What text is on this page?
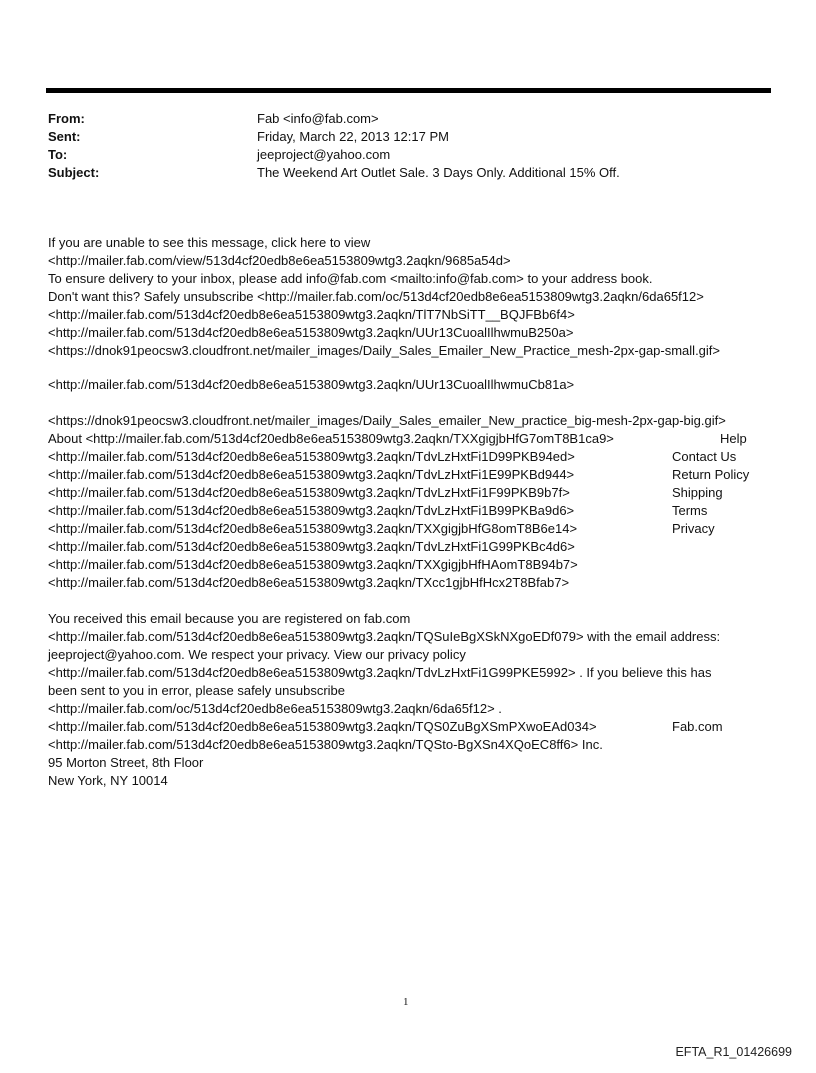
From:	Fab <info@fab.com>
Sent:	Friday, March 22, 2013 12:17 PM
To:	jeeproject@yahoo.com
Subject:	The Weekend Art Outlet Sale. 3 Days Only. Additional 15% Off.
If you are unable to see this message, click here to view
<http://mailer.fab.com/view/513d4cf20edb8e6ea5153809wtg3.2aqkn/9685a54d>
To ensure delivery to your inbox, please add info@fab.com <mailto:info@fab.com> to your address book.
Don't want this? Safely unsubscribe <http://mailer.fab.com/oc/513d4cf20edb8e6ea5153809wtg3.2aqkn/6da65f12>
<http://mailer.fab.com/513d4cf20edb8e6ea5153809wtg3.2aqkn/TlT7NbSiTT__BQJFBb6f4>
<http://mailer.fab.com/513d4cf20edb8e6ea5153809wtg3.2aqkn/UUr13CuoalIlhwmuB250a>
<https://dnok91peocsw3.cloudfront.net/mailer_images/Daily_Sales_Emailer_New_Practice_mesh-2px-gap-small.gif>
<http://mailer.fab.com/513d4cf20edb8e6ea5153809wtg3.2aqkn/UUr13CuoalIlhwmuCb81a>
<https://dnok91peocsw3.cloudfront.net/mailer_images/Daily_Sales_emailer_New_practice_big-mesh-2px-gap-big.gif>
About <http://mailer.fab.com/513d4cf20edb8e6ea5153809wtg3.2aqkn/TXXgigjbHfG7omT8B1ca9>	Help
<http://mailer.fab.com/513d4cf20edb8e6ea5153809wtg3.2aqkn/TdvLzHxtFi1D99PKB94ed>	Contact Us
<http://mailer.fab.com/513d4cf20edb8e6ea5153809wtg3.2aqkn/TdvLzHxtFi1E99PKBd944>	Return Policy
<http://mailer.fab.com/513d4cf20edb8e6ea5153809wtg3.2aqkn/TdvLzHxtFi1F99PKB9b7f>	Shipping
<http://mailer.fab.com/513d4cf20edb8e6ea5153809wtg3.2aqkn/TdvLzHxtFi1B99PKBa9d6>	Terms
<http://mailer.fab.com/513d4cf20edb8e6ea5153809wtg3.2aqkn/TXXgigjbHfG8omT8B6e14>	Privacy
<http://mailer.fab.com/513d4cf20edb8e6ea5153809wtg3.2aqkn/TdvLzHxtFi1G99PKBc4d6>
<http://mailer.fab.com/513d4cf20edb8e6ea5153809wtg3.2aqkn/TXXgigjbHfHAomT8B94b7>
<http://mailer.fab.com/513d4cf20edb8e6ea5153809wtg3.2aqkn/TXcc1gjbHfHcx2T8Bfab7>
You received this email because you are registered on fab.com
<http://mailer.fab.com/513d4cf20edb8e6ea5153809wtg3.2aqkn/TQSuIeBgXSkNXgoEDf079> with the email address:
jeeproject@yahoo.com. We respect your privacy. View our privacy policy
<http://mailer.fab.com/513d4cf20edb8e6ea5153809wtg3.2aqkn/TdvLzHxtFi1G99PKE5992> . If you believe this has
been sent to you in error, please safely unsubscribe
<http://mailer.fab.com/oc/513d4cf20edb8e6ea5153809wtg3.2aqkn/6da65f12> .
<http://mailer.fab.com/513d4cf20edb8e6ea5153809wtg3.2aqkn/TQS0ZuBgXSmPXwoEAd034>	Fab.com
<http://mailer.fab.com/513d4cf20edb8e6ea5153809wtg3.2aqkn/TQSto-BgXSn4XQoEC8ff6> Inc.
95 Morton Street, 8th Floor
New York, NY 10014
1
EFTA_R1_01426699
